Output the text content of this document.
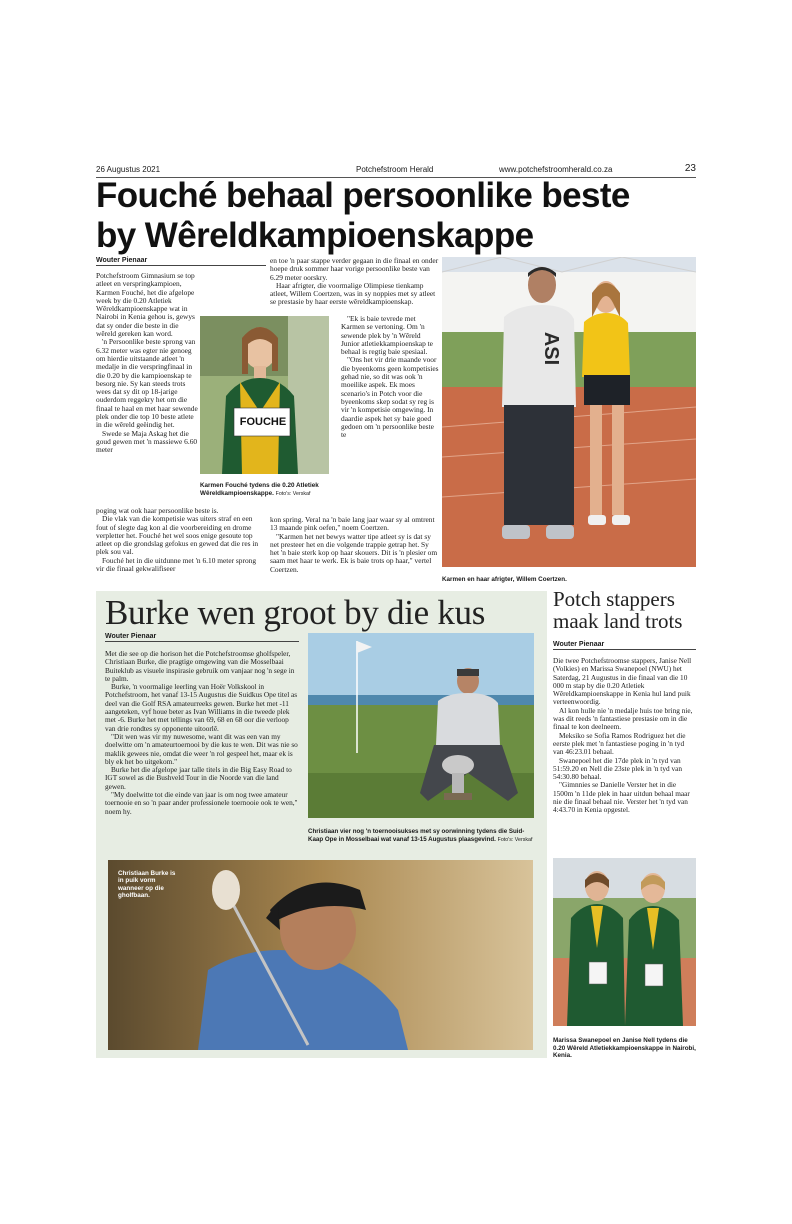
26 Augustus 2021	Potchefstroom Herald	www.potchefstroomherald.co.za	23
Fouché behaal persoonlike beste
by Wêreldkampioenskappe
Wouter Pienaar

Potchefstroom Gimnasium se top atleet en verspringkampioen, Karmen Fouché, het die afgelope week by die 0.20 Atletiek Wêreldkampioenskappe wat in Nairobi in Kenia gehou is, gewys dat sy onder die beste in die wêreld gereken kan word.

'n Persoonlike beste sprong van 6.32 meter was egter nie genoeg om hierdie uitstaande atleet 'n medalje in die verspringfinaal in die 0.20 by die kampioenskap te besorg nie. Sy kan steeds trots wees dat sy dit op 18-jarige ouderdom reggekry het om die finaal te haal en met haar sewende plek onder die top 10 beste atlete in die wêreld geëindig het.

Swede se Maja Askag het die goud gewen met 'n massiewe 6.60 meter

poging wat ook haar persoonlike beste is.

Die vlak van die kompetisie was uiters straf en een fout of slegte dag kon al die voorbereiding en drome verpletter het. Fouché het wel soos enige gesoute top atleet op die grondslag gefokus en gewed dat die res in plek sou val.

Fouché het in die uitdunne met 'n 6.10 meter sprong vir die finaal gekwalifiseer

FOUCHE
Karmen Fouché tydens die 0.20 Atletiek Wêreldkampioenskappe. Foto's: Verskaf

en toe 'n paar stappe verder gegaan in die finaal en onder hoepe druk sommer haar vorige persoonlike beste van 6.29 meter oorskry.

Haar afrigter, die voormalige Olimpiese tienkamp atleet, Willem Coertzen, was in sy noppies met sy atleet se prestasie by haar eerste wêreldkampioenskap.

"Ek is baie tevrede met Karmen se vertoning. Om 'n sewende plek by 'n Wêreld Junior atletiekkampioenskap te behaal is regtig baie spesiaal.

"Ons het vir drie maande voor die byeenkoms geen kompetisies gehad nie, so dit was ook 'n moeilike aspek. Ek moes scenario's in Potch voor die byeenkoms skep sodat sy reg is vir 'n kompetisie omgewing. In daardie aspek het sy baie goed gedoen om 'n persoonlike beste te

kon spring. Veral na 'n baie lang jaar waar sy al omtrent 13 maande pink oefen," noem Coertzen.

"Karmen het net bewys watter tipe atleet sy is dat sy net presteer het en die volgende trappie getrap het. Sy het 'n baie sterk kop op haar skouers. Dit is 'n plesier om saam met haar te werk. Ek is baie trots op haar," vertel Coertzen.

ASI
Karmen en haar afrigter, Willem Coertzen.
Burke wen groot by die kus
Wouter Pienaar

Met die see op die horison het die Potchefstroomse gholfspeler, Christiaan Burke, die pragtige omgewing van die Mosselbaai Buiteklub as visuele inspirasie gebruik om vanjaar nog 'n sege in te palm.

Burke, 'n voormalige leerling van Hoër Volkskool in Potchefstroom, het vanaf 13-15 Augustus die Suidkus Ope titel as deel van die Golf RSA amateurreeks gewen. Burke het met -11 aangeteken, vyf houe beter as Ivan Williams in die tweede plek met -6. Burke het met tellings van 69, 68 en 68 oor die verloop van drie rondtes sy opponente uitoorlê.

"Dit wen was vir my nuwesome, want dit was een van my doelwitte om 'n amateurtoernooi by die kus te wen. Dit was nie so maklik gewees nie, omdat die weer 'n rol gespeel het, maar ek is bly ek het bo uitgekom."

Burke het die afgelope jaar talle titels in die Big Easy Road to IGT sowel as die Bushveld Tour in die Noorde van die land gewen.

"My doelwitte tot die einde van jaar is om nog twee amateur toernooie en so 'n paar ander professionele toernooie ook te wen," noem hy.

Christiaan vier nog 'n toernooisukses met sy oorwinning tydens die Suid-Kaap Ope in Mosselbaai wat vanaf 13-15 Augustus plaasgevind. Foto's: Verskaf
Christiaan Burke is in puik vorm wanneer op die gholfbaan.
Potch stappers
maak land trots
Wouter Pienaar

Die twee Potchefstroomse stappers, Janise Nell (Volkies) en Marissa Swanepoel (NWU) het Saterdag, 21 Augustus in die finaal van die 10 000 m stap by die 0.20 Atletiek Wêreldkampioenskappe in Kenia hul land puik verteenwoordig.

Al kon hulle nie 'n medalje huis toe bring nie, was dit reeds 'n fantastiese prestasie om in die finaal te kon deelneem.

Meksiko se Sofia Ramos Rodriguez het die eerste plek met 'n fantastiese poging in 'n tyd van 46:23.01 behaal.

Swanepoel het die 17de plek in 'n tyd van 51:59.20 en Nell die 23ste plek in 'n tyd van 54:30.80 behaal.

"Gimnnies se Danielle Verster het in die 1500m 'n 11de plek in haar uitdun behaal maar nie die finaal behaal nie. Verster het 'n tyd van 4:43.70 in Kenia opgestel.

Marissa Swanepoel en Janise Nell tydens die 0.20 Wêreld Atletiekkampioenskappe in Nairobi, Kenia.
